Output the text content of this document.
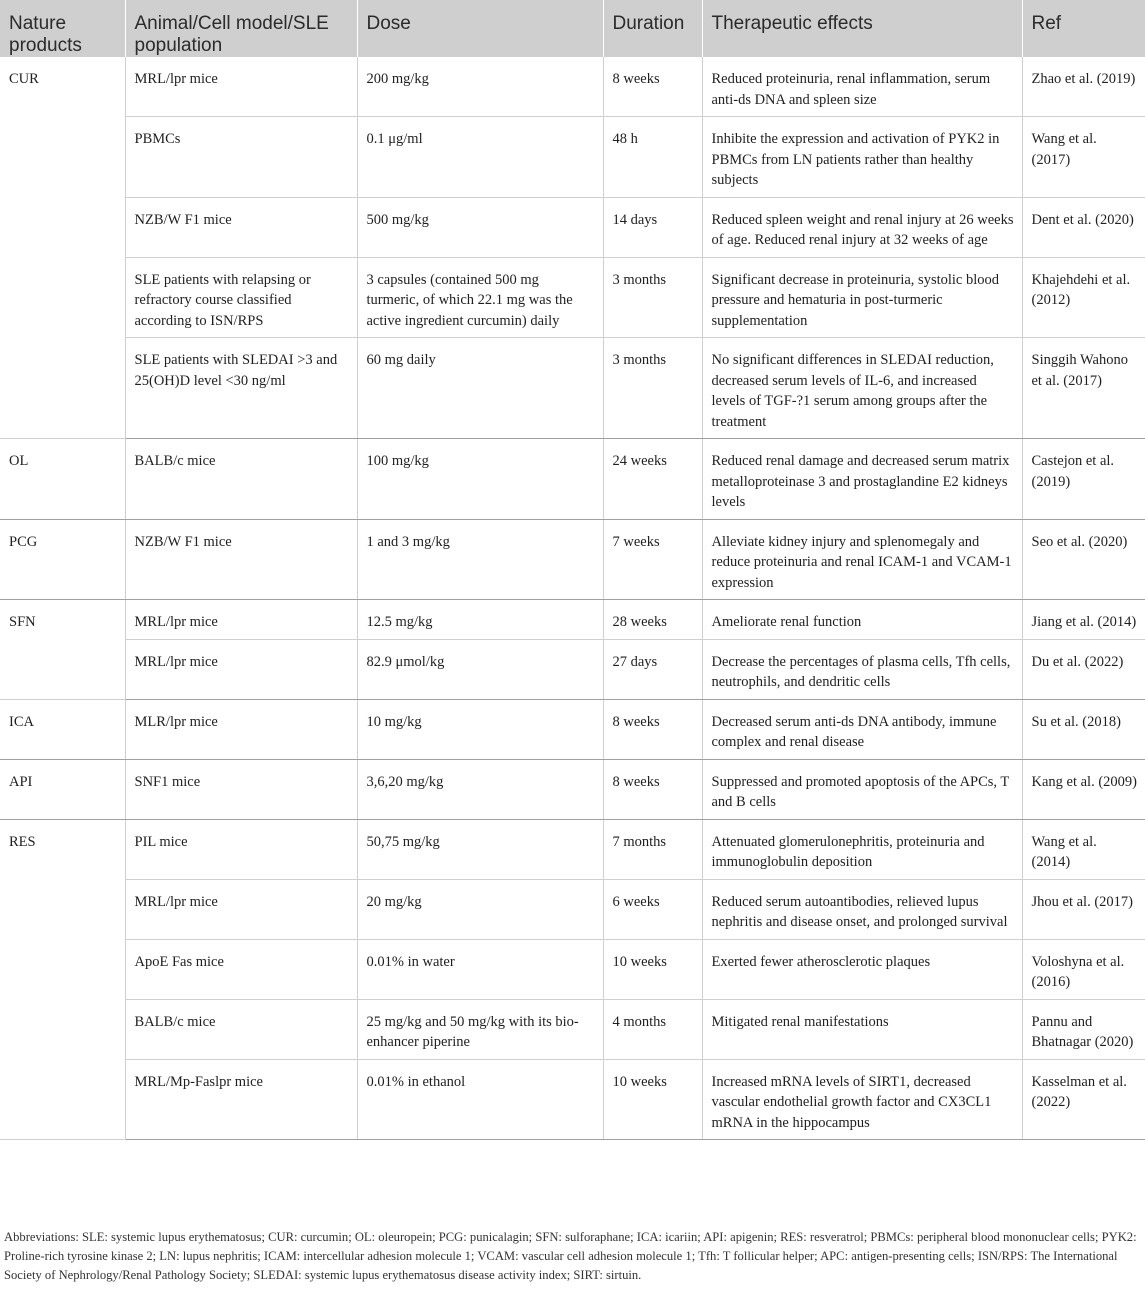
Nature products	Animal/Cell model/SLE population	Dose	Duration	Therapeutic effects	Ref
CUR	MRL/lpr mice	200 mg/kg	8 weeks	Reduced proteinuria, renal inflammation, serum anti-ds DNA and spleen size	Zhao et al. (2019)
	PBMCs	0.1 μg/ml	48 h	Inhibite the expression and activation of PYK2 in PBMCs from LN patients rather than healthy subjects	Wang et al. (2017)
	NZB/W F1 mice	500 mg/kg	14 days	Reduced spleen weight and renal injury at 26 weeks of age. Reduced renal injury at 32 weeks of age	Dent et al. (2020)
	SLE patients with relapsing or refractory course classified according to ISN/RPS	3 capsules (contained 500 mg turmeric, of which 22.1 mg was the active ingredient curcumin) daily	3 months	Significant decrease in proteinuria, systolic blood pressure and hematuria in post-turmeric supplementation	Khajehdehi et al. (2012)
	SLE patients with SLEDAI >3 and 25(OH)D level <30 ng/ml	60 mg daily	3 months	No significant differences in SLEDAI reduction, decreased serum levels of IL-6, and increased levels of TGF-?1 serum among groups after the treatment	Singgih Wahono et al. (2017)
OL	BALB/c mice	100 mg/kg	24 weeks	Reduced renal damage and decreased serum matrix metalloproteinase 3 and prostaglandine E2 kidneys levels	Castejon et al. (2019)
PCG	NZB/W F1 mice	1 and 3 mg/kg	7 weeks	Alleviate kidney injury and splenomegaly and reduce proteinuria and renal ICAM-1 and VCAM-1 expression	Seo et al. (2020)
SFN	MRL/lpr mice	12.5 mg/kg	28 weeks	Ameliorate renal function	Jiang et al. (2014)
	MRL/lpr mice	82.9 μmol/kg	27 days	Decrease the percentages of plasma cells, Tfh cells, neutrophils, and dendritic cells	Du et al. (2022)
ICA	MLR/lpr mice	10 mg/kg	8 weeks	Decreased serum anti-ds DNA antibody, immune complex and renal disease	Su et al. (2018)
API	SNF1 mice	3,6,20 mg/kg	8 weeks	Suppressed and promoted apoptosis of the APCs, T and B cells	Kang et al. (2009)
RES	PIL mice	50,75 mg/kg	7 months	Attenuated glomerulonephritis, proteinuria and immunoglobulin deposition	Wang et al. (2014)
	MRL/lpr mice	20 mg/kg	6 weeks	Reduced serum autoantibodies, relieved lupus nephritis and disease onset, and prolonged survival	Jhou et al. (2017)
	ApoE Fas mice	0.01% in water	10 weeks	Exerted fewer atherosclerotic plaques	Voloshyna et al. (2016)
	BALB/c mice	25 mg/kg and 50 mg/kg with its bio-enhancer piperine	4 months	Mitigated renal manifestations	Pannu and Bhatnagar (2020)
	MRL/Mp-Faslpr mice	0.01% in ethanol	10 weeks	Increased mRNA levels of SIRT1, decreased vascular endothelial growth factor and CX3CL1 mRNA in the hippocampus	Kasselman et al. (2022)
Abbreviations: SLE: systemic lupus erythematosus; CUR: curcumin; OL: oleuropein; PCG: punicalagin; SFN: sulforaphane; ICA: icariin; API: apigenin; RES: resveratrol; PBMCs: peripheral blood mononuclear cells; PYK2: Proline-rich tyrosine kinase 2; LN: lupus nephritis; ICAM: intercellular adhesion molecule 1; VCAM: vascular cell adhesion molecule 1; Tfh: T follicular helper; APC: antigen-presenting cells; ISN/RPS: The International Society of Nephrology/Renal Pathology Society; SLEDAI: systemic lupus erythematosus disease activity index; SIRT: sirtuin.
